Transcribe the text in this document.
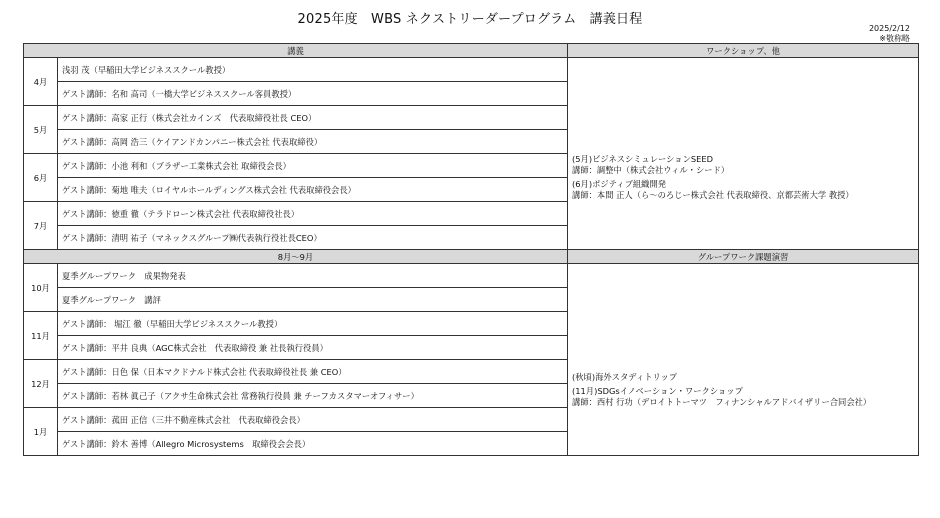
2025年度　WBS ネクストリーダープログラム　講義日程
2025/2/12
※敬称略
講義		ワークショップ、他
4月	浅羽 茂（早稲田大学ビジネススクール教授）	(5月)ビジネスシミュレーションSEED
講師：調整中（株式会社ウィル・シード）
(6月)ポジティブ組織開発
講師：本間 正人（ら～のろじー株式会社 代表取締役、京都芸術大学 教授）

	ゲスト講師：名和 高司（一橋大学ビジネススクール客員教授）	
5月	ゲスト講師：高家 正行（株式会社カインズ　代表取締役社長 CEO）	
	ゲスト講師：高岡 浩三（ケイアンドカンパニー株式会社 代表取締役）	
6月	ゲスト講師：小池 利和（ブラザー工業株式会社 取締役会長）	
	ゲスト講師：菊地 唯夫（ロイヤルホールディングス株式会社 代表取締役会長）	
7月	ゲスト講師：徳重 徹（テラドローン株式会社 代表取締役社長）	
	ゲスト講師：清明 祐子（マネックスグループ㈱代表執行役社長CEO）	
8月～9月		グループワーク課題演習
10月	夏季グループワーク　成果物発表	(秋頃)海外スタディトリップ
(11月)SDGsイノベーション・ワークショップ
講師：西村 行功（デロイトトーマツ　フィナンシャルアドバイザリー合同会社）

	夏季グループワーク　講評	
11月	ゲスト講師： 堀江 徹（早稲田大学ビジネススクール教授）	
	ゲスト講師：平井 良典（AGC株式会社　代表取締役 兼 社長執行役員）	
12月	ゲスト講師：日色 保（日本マクドナルド株式会社 代表取締役社長 兼 CEO）	
	ゲスト講師：若林 眞己子（アクサ生命株式会社 常務執行役員 兼 チーフカスタマーオフィサー）	
1月	ゲスト講師：菰田 正信（三井不動産株式会社　代表取締役会長）	
	ゲスト講師：鈴木 善博（Allegro Microsystems　取締役会会長）	
